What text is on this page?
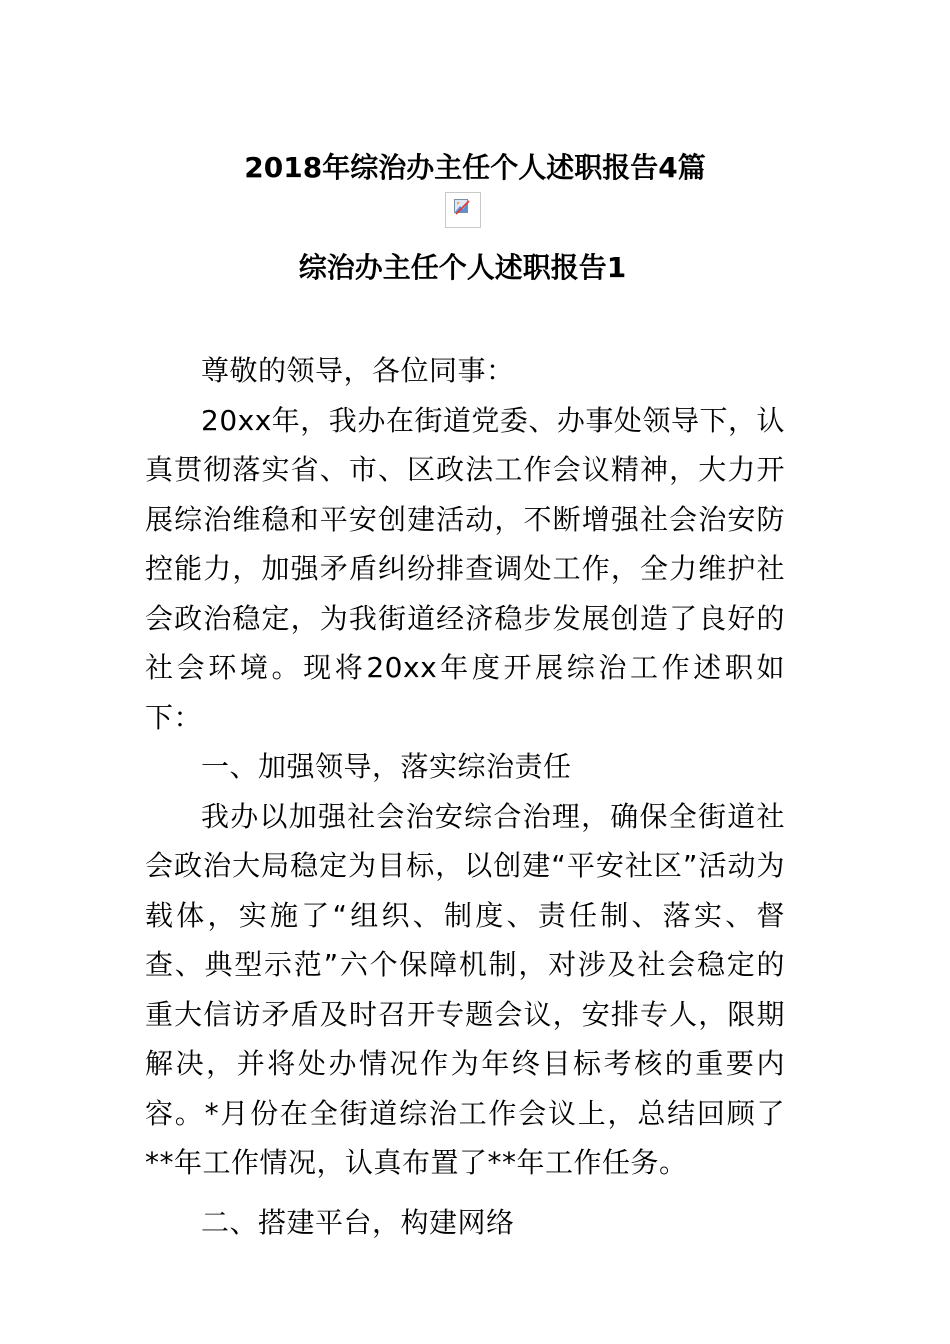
2018年综治办主任个人述职报告4篇
综治办主任个人述职报告1

尊敬的领导，各位同事：

20xx年，我办在街道党委、办事处领导下，认真贯彻落实省、市、区政法工作会议精神，大力开展综治维稳和平安创建活动，不断增强社会治安防控能力，加强矛盾纠纷排查调处工作，全力维护社会政治稳定，为我街道经济稳步发展创造了良好的社会环境。现将20xx年度开展综治工作述职如下：

一、加强领导，落实综治责任

我办以加强社会治安综合治理，确保全街道社会政治大局稳定为目标，以创建“平安社区”活动为载体，实施了“组织、制度、责任制、落实、督查、典型示范”六个保障机制，对涉及社会稳定的重大信访矛盾及时召开专题会议，安排专人，限期解决，并将处办情况作为年终目标考核的重要内容。*月份在全街道综治工作会议上，总结回顾了**年工作情况，认真布置了**年工作任务。

二、搭建平台，构建网络
